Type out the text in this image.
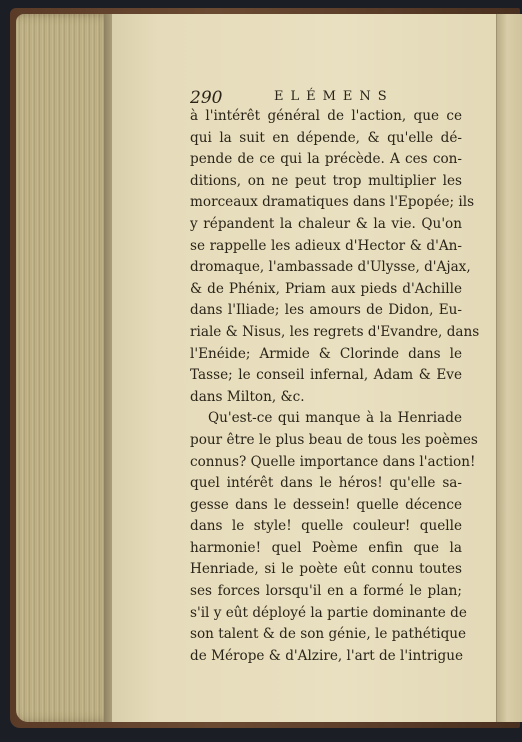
290	ELÉMENS
à l'intérêt général de l'action, que ce
qui la suit en dépende, & qu'elle dé-
pende de ce qui la précède. A ces con-
ditions, on ne peut trop multiplier les
morceaux dramatiques dans l'Epopée; ils
y répandent la chaleur & la vie. Qu'on
se rappelle les adieux d'Hector & d'An-
dromaque, l'ambassade d'Ulysse, d'Ajax,
& de Phénix, Priam aux pieds d'Achille
dans l'Iliade; les amours de Didon, Eu-
riale & Nisus, les regrets d'Evandre, dans
l'Enéide; Armide & Clorinde dans le
Tasse; le conseil infernal, Adam & Eve
dans Milton, &c.
Qu'est-ce qui manque à la Henriade
pour être le plus beau de tous les poèmes
connus? Quelle importance dans l'action!
quel intérêt dans le héros! qu'elle sa-
gesse dans le dessein! quelle décence
dans le style! quelle couleur! quelle
harmonie! quel Poème enfin que la
Henriade, si le poète eût connu toutes
ses forces lorsqu'il en a formé le plan;
s'il y eût déployé la partie dominante de
son talent & de son génie, le pathétique
de Mérope & d'Alzire, l'art de l'intrigue
